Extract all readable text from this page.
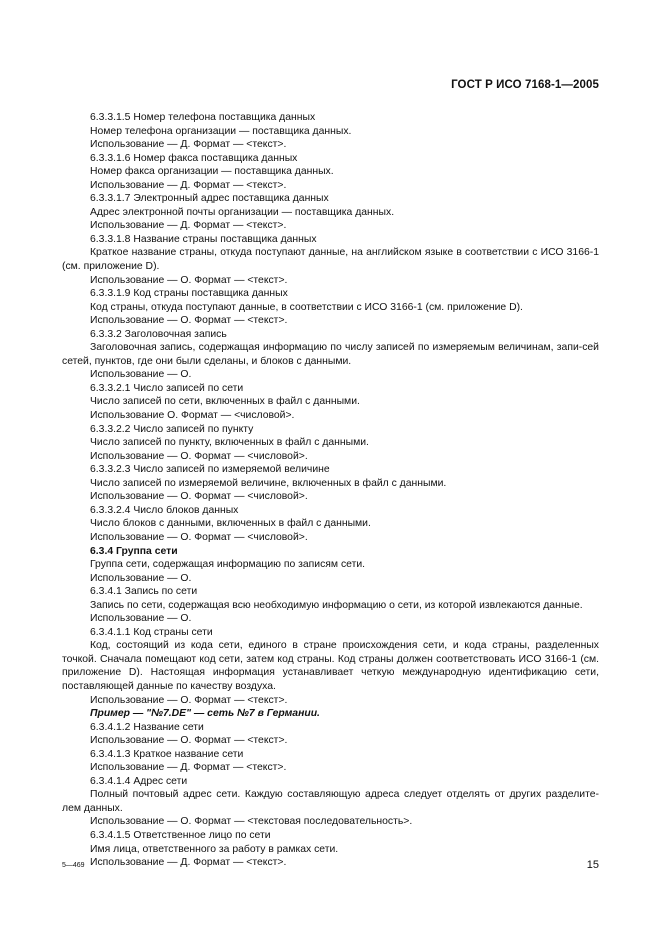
ГОСТ Р ИСО 7168-1—2005

6.3.3.1.5 Номер телефона поставщика данных

Номер телефона организации — поставщика данных.

Использование — Д. Формат — <текст>.

6.3.3.1.6 Номер факса поставщика данных

Номер факса организации — поставщика данных.

Использование — Д. Формат — <текст>.

6.3.3.1.7 Электронный адрес поставщика данных

Адрес электронной почты организации — поставщика данных.

Использование — Д. Формат — <текст>.

6.3.3.1.8 Название страны поставщика данных

Краткое название страны, откуда поступают данные, на английском языке в соответствии с ИСО 3166-1 (см. приложение D).

Использование — О. Формат — <текст>.

6.3.3.1.9 Код страны поставщика данных

Код страны, откуда поступают данные, в соответствии с ИСО 3166-1 (см. приложение D).

Использование — О. Формат — <текст>.

6.3.3.2 Заголовочная запись

Заголовочная запись, содержащая информацию по числу записей по измеряемым величинам, запи-сей сетей, пунктов, где они были сделаны, и блоков с данными.

Использование — О.

6.3.3.2.1 Число записей по сети

Число записей по сети, включенных в файл с данными.

Использование О. Формат — <числовой>.

6.3.3.2.2 Число записей по пункту

Число записей по пункту, включенных в файл с данными.

Использование — О. Формат — <числовой>.

6.3.3.2.3 Число записей по измеряемой величине

Число записей по измеряемой величине, включенных в файл с данными.

Использование — О. Формат — <числовой>.

6.3.3.2.4 Число блоков данных

Число блоков с данными, включенных в файл с данными.

Использование — О. Формат — <числовой>.

6.3.4 Группа сети

Группа сети, содержащая информацию по записям сети.

Использование — О.

6.3.4.1 Запись по сети

Запись по сети, содержащая всю необходимую информацию о сети, из которой извлекаются данные.

Использование — О.

6.3.4.1.1 Код страны сети

Код, состоящий из кода сети, единого в стране происхождения сети, и кода страны, разделенных точкой. Сначала помещают код сети, затем код страны. Код страны должен соответствовать ИСО 3166-1 (см. приложение D). Настоящая информация устанавливает четкую международную идентификацию сети, поставляющей данные по качеству воздуха.

Использование — О. Формат — <текст>.

Пример — "№7.DE" — сеть №7 в Германии.

6.3.4.1.2 Название сети

Использование — О. Формат — <текст>.

6.3.4.1.3 Краткое название сети

Использование — Д. Формат — <текст>.

6.3.4.1.4 Адрес сети

Полный почтовый адрес сети. Каждую составляющую адреса следует отделять от других разделите-лем данных.

Использование — О. Формат — <текстовая последовательность>.

6.3.4.1.5 Ответственное лицо по сети

Имя лица, ответственного за работу в рамках сети.

Использование — Д. Формат — <текст>.

5—469	15
